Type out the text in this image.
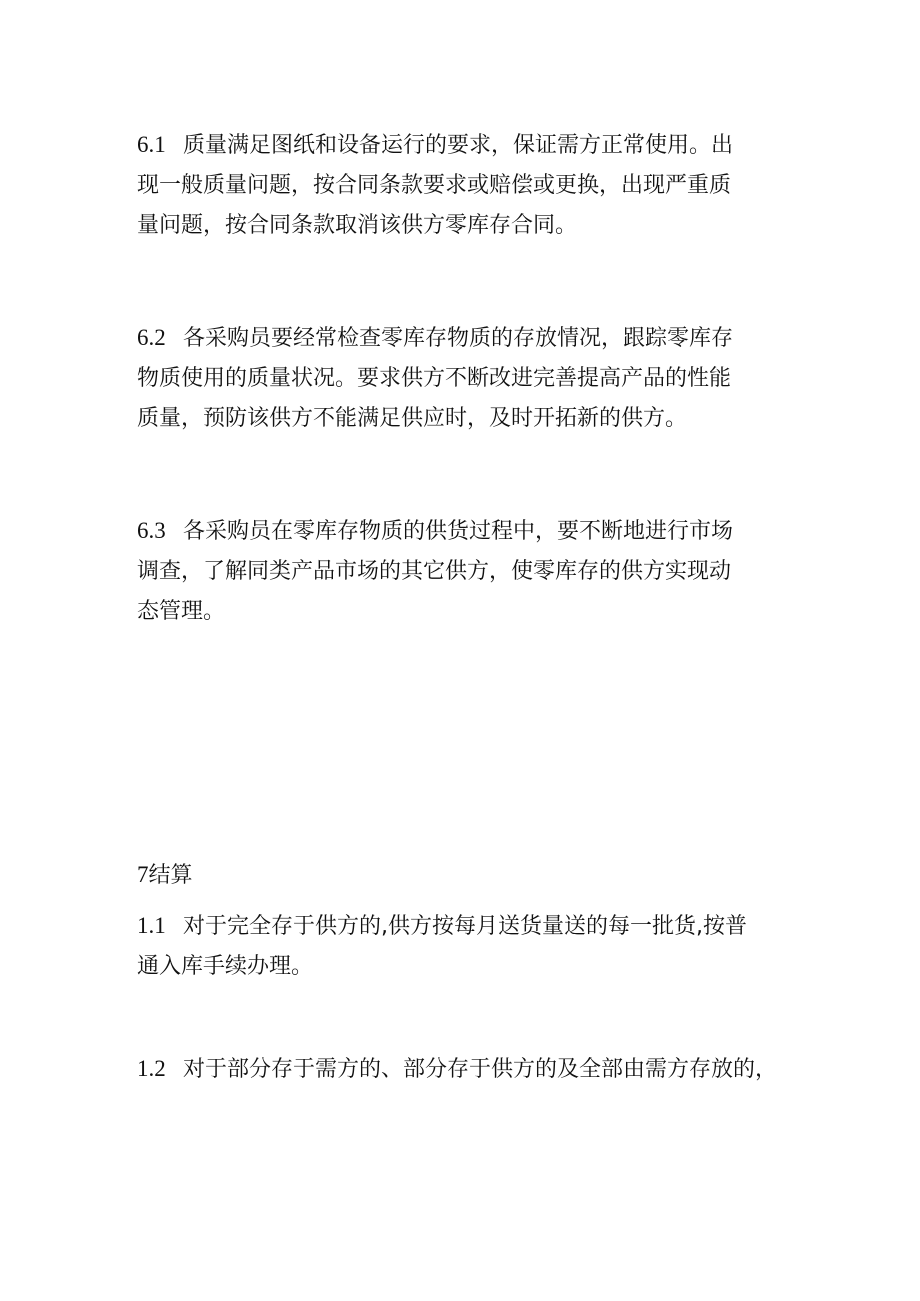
6.1 质量满足图纸和设备运行的要求，保证需方正常使用。出
现一般质量问题，按合同条款要求或赔偿或更换，出现严重质
量问题，按合同条款取消该供方零库存合同。

6.2 各采购员要经常检查零库存物质的存放情况，跟踪零库存
物质使用的质量状况。要求供方不断改进完善提高产品的性能
质量，预防该供方不能满足供应时，及时开拓新的供方。

6.3 各采购员在零库存物质的供货过程中，要不断地进行市场
调查，了解同类产品市场的其它供方，使零库存的供方实现动
态管理。

7结算

1.1 对于完全存于供方的,供方按每月送货量送的每一批货,按普
通入库手续办理。

1.2 对于部分存于需方的、部分存于供方的及全部由需方存放的，
